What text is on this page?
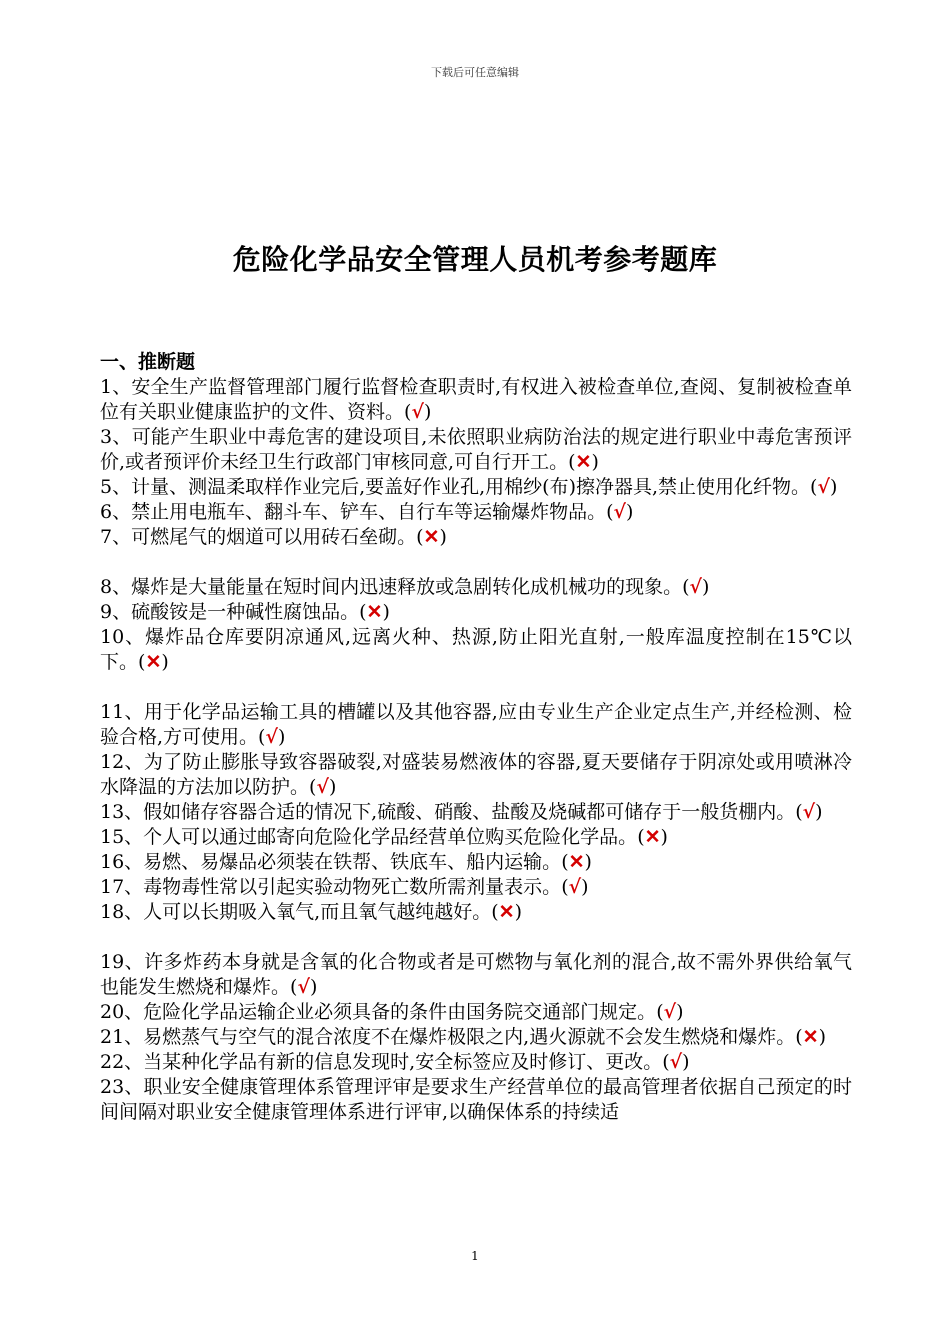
下载后可任意编辑
危险化学品安全管理人员机考参考题库
一、推断题

1、安全生产监督管理部门履行监督检查职责时,有权进入被检查单位,查阅、复制被检查单位有关职业健康监护的文件、资料。(√)

3、可能产生职业中毒危害的建设项目,未依照职业病防治法的规定进行职业中毒危害预评价,或者预评价未经卫生行政部门审核同意,可自行开工。(✕)

5、计量、测温柔取样作业完后,要盖好作业孔,用棉纱(布)擦净器具,禁止使用化纤物。(√)

6、禁止用电瓶车、翻斗车、铲车、自行车等运输爆炸物品。(√)

7、可燃尾气的烟道可以用砖石垒砌。(✕)

8、爆炸是大量能量在短时间内迅速释放或急剧转化成机械功的现象。(√)

9、硫酸铵是一种碱性腐蚀品。(✕)

10、爆炸品仓库要阴凉通风,远离火种、热源,防止阳光直射,一般库温度控制在15℃以下。(✕)

11、用于化学品运输工具的槽罐以及其他容器,应由专业生产企业定点生产,并经检测、检验合格,方可使用。(√)

12、为了防止膨胀导致容器破裂,对盛装易燃液体的容器,夏天要储存于阴凉处或用喷淋冷水降温的方法加以防护。(√)

13、假如储存容器合适的情况下,硫酸、硝酸、盐酸及烧碱都可储存于一般货棚内。(√)

15、个人可以通过邮寄向危险化学品经营单位购买危险化学品。(✕)

16、易燃、易爆品必须装在铁帮、铁底车、船内运输。(✕)

17、毒物毒性常以引起实验动物死亡数所需剂量表示。(√)

18、人可以长期吸入氧气,而且氧气越纯越好。(✕)

19、许多炸药本身就是含氧的化合物或者是可燃物与氧化剂的混合,故不需外界供给氧气也能发生燃烧和爆炸。(√)

20、危险化学品运输企业必须具备的条件由国务院交通部门规定。(√)

21、易燃蒸气与空气的混合浓度不在爆炸极限之内,遇火源就不会发生燃烧和爆炸。(✕)

22、当某种化学品有新的信息发现时,安全标签应及时修订、更改。(√)

23、职业安全健康管理体系管理评审是要求生产经营单位的最高管理者依据自己预定的时间间隔对职业安全健康管理体系进行评审,以确保体系的持续适

1
